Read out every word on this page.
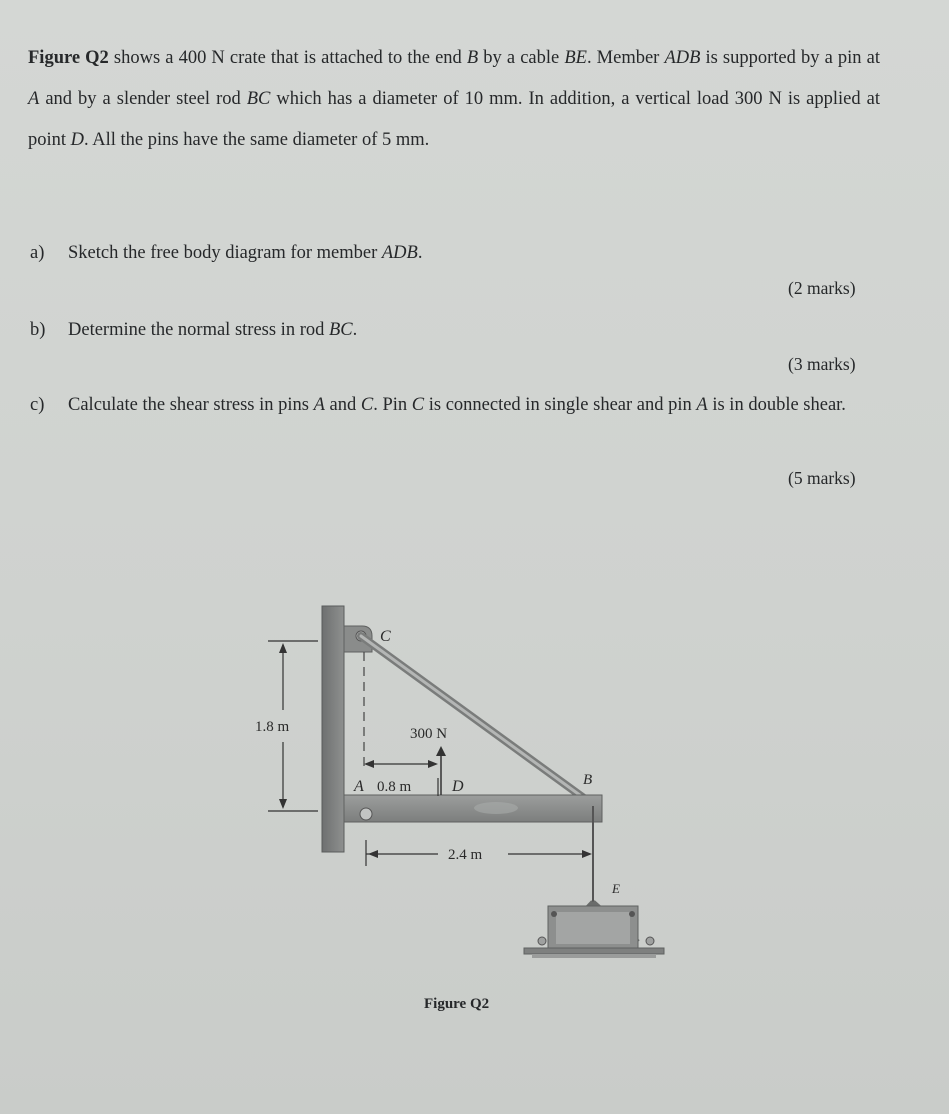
Figure Q2 shows a 400 N crate that is attached to the end B by a cable BE. Member ADB is supported by a pin at A and by a slender steel rod BC which has a diameter of 10 mm. In addition, a vertical load 300 N is applied at point D. All the pins have the same diameter of 5 mm.
a) Sketch the free body diagram for member ADB.
(2 marks)
b) Determine the normal stress in rod BC.
(3 marks)
c) Calculate the shear stress in pins A and C. Pin C is connected in single shear and pin A is in double shear.
(5 marks)
1.8 m
C
A	D	B
0.8 m
300 N
2.4 m
E
Figure Q2
